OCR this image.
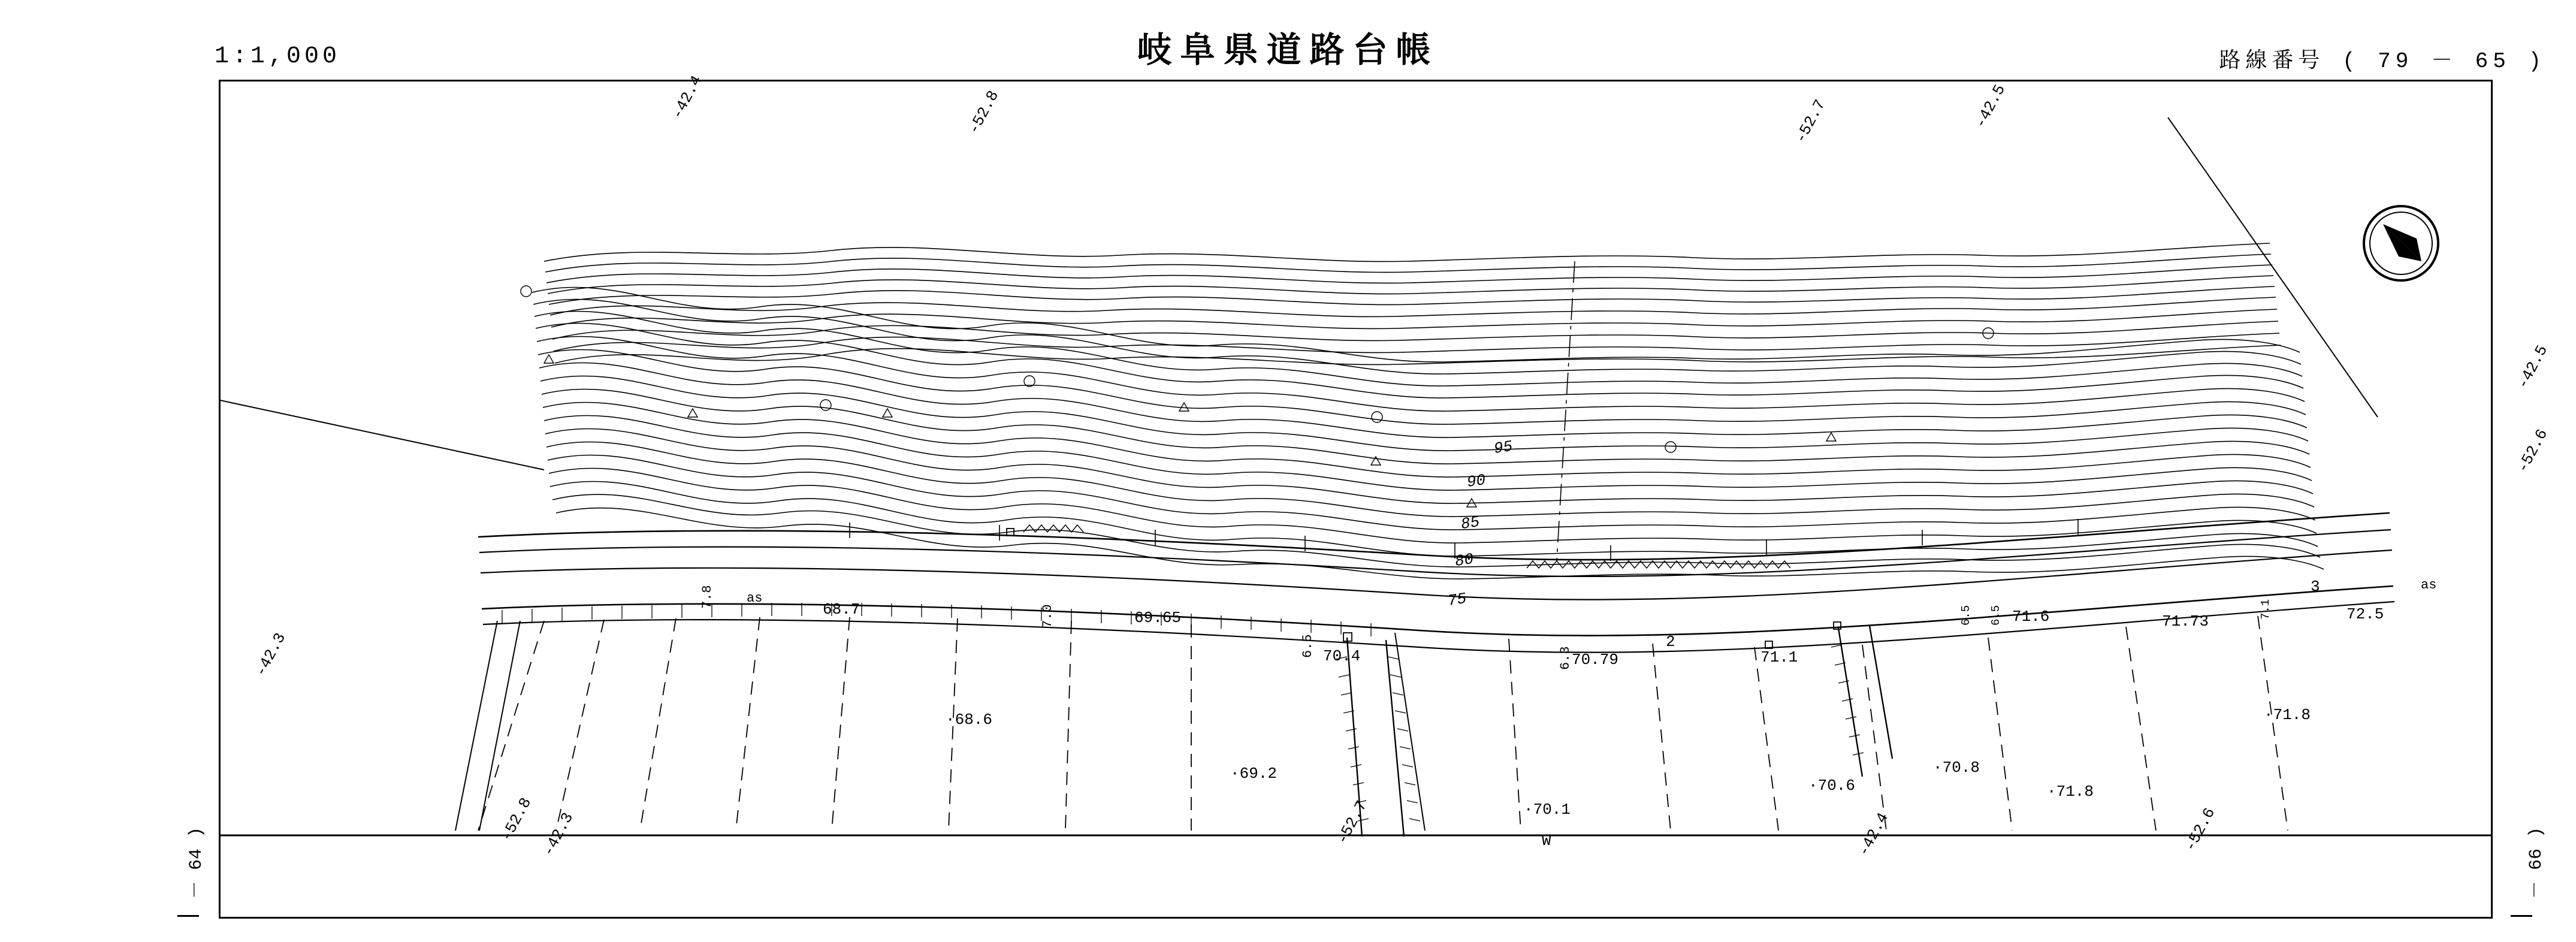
1:1,000	岐阜県道路台帳	路線番号 ( 79 － 65 )
－ 64 )	－ 66 )
95
90
85
80
75
68.7	69.65
70.4	70.79	71.1
71.6	71.73	72.5
·68.6
·69.2
·70.1
·70.6
·70.8
·71.8
·71.8
W
as
as
7.8
7.0
6.5
6.3
2
3
6.5 6.5	7.1
-42.4	-52.8	-52.7	-42.5
-42.5
-52.6
-42.3
-52.8 -42.3	-52.7	-42.4	-52.6
